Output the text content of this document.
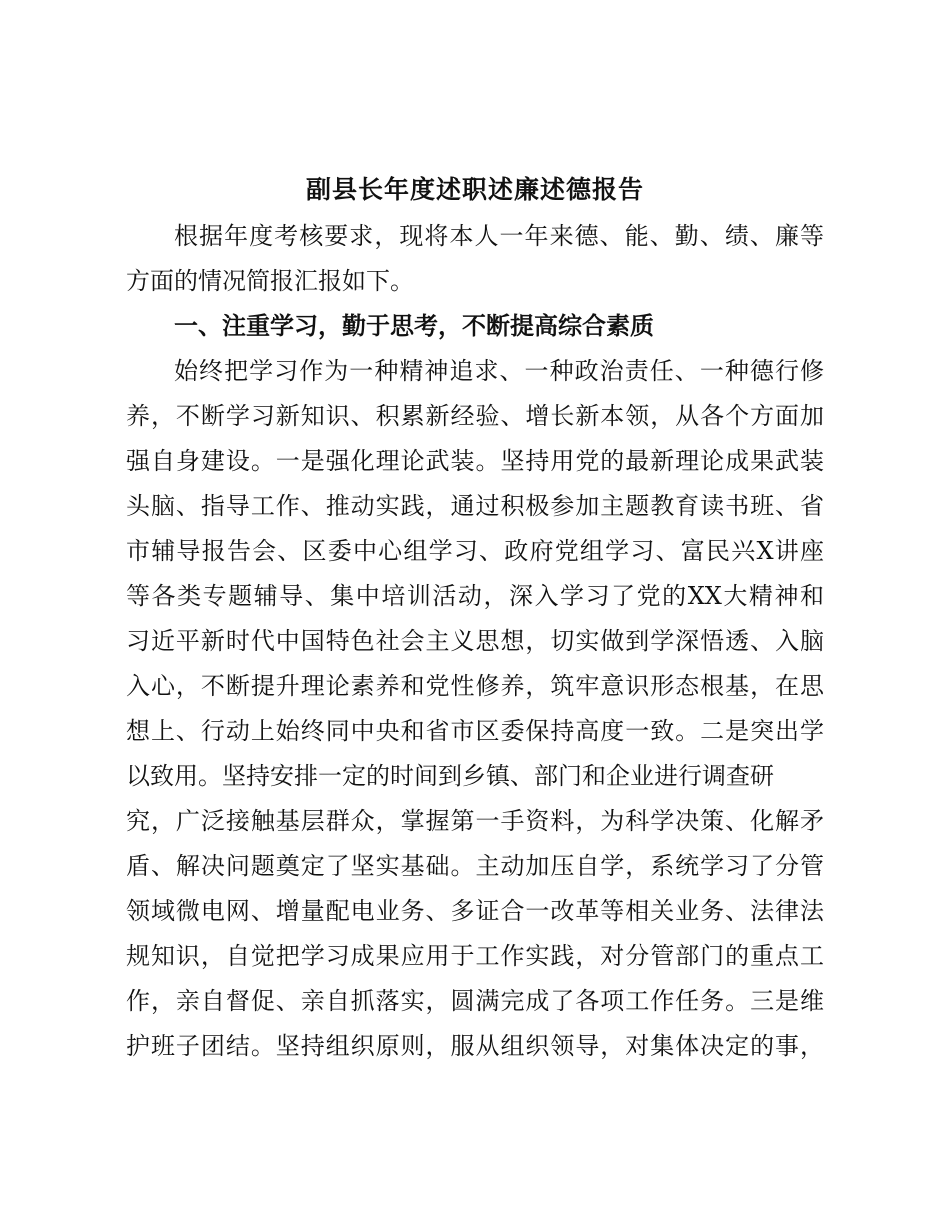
副县长年度述职述廉述德报告
根据年度考核要求，现将本人一年来德、能、勤、绩、廉等
方面的情况简报汇报如下。
一、注重学习，勤于思考，不断提高综合素质
始终把学习作为一种精神追求、一种政治责任、一种德行修
养，不断学习新知识、积累新经验、增长新本领，从各个方面加
强自身建设。一是强化理论武装。坚持用党的最新理论成果武装
头脑、指导工作、推动实践，通过积极参加主题教育读书班、省
市辅导报告会、区委中心组学习、政府党组学习、富民兴X讲座
等各类专题辅导、集中培训活动，深入学习了党的XX大精神和
习近平新时代中国特色社会主义思想，切实做到学深悟透、入脑
入心，不断提升理论素养和党性修养，筑牢意识形态根基，在思
想上、行动上始终同中央和省市区委保持高度一致。二是突出学
以致用。坚持安排一定的时间到乡镇、部门和企业进行调查研
究，广泛接触基层群众，掌握第一手资料，为科学决策、化解矛
盾、解决问题奠定了坚实基础。主动加压自学，系统学习了分管
领域微电网、增量配电业务、多证合一改革等相关业务、法律法
规知识，自觉把学习成果应用于工作实践，对分管部门的重点工
作，亲自督促、亲自抓落实，圆满完成了各项工作任务。三是维
护班子团结。坚持组织原则，服从组织领导，对集体决定的事，
